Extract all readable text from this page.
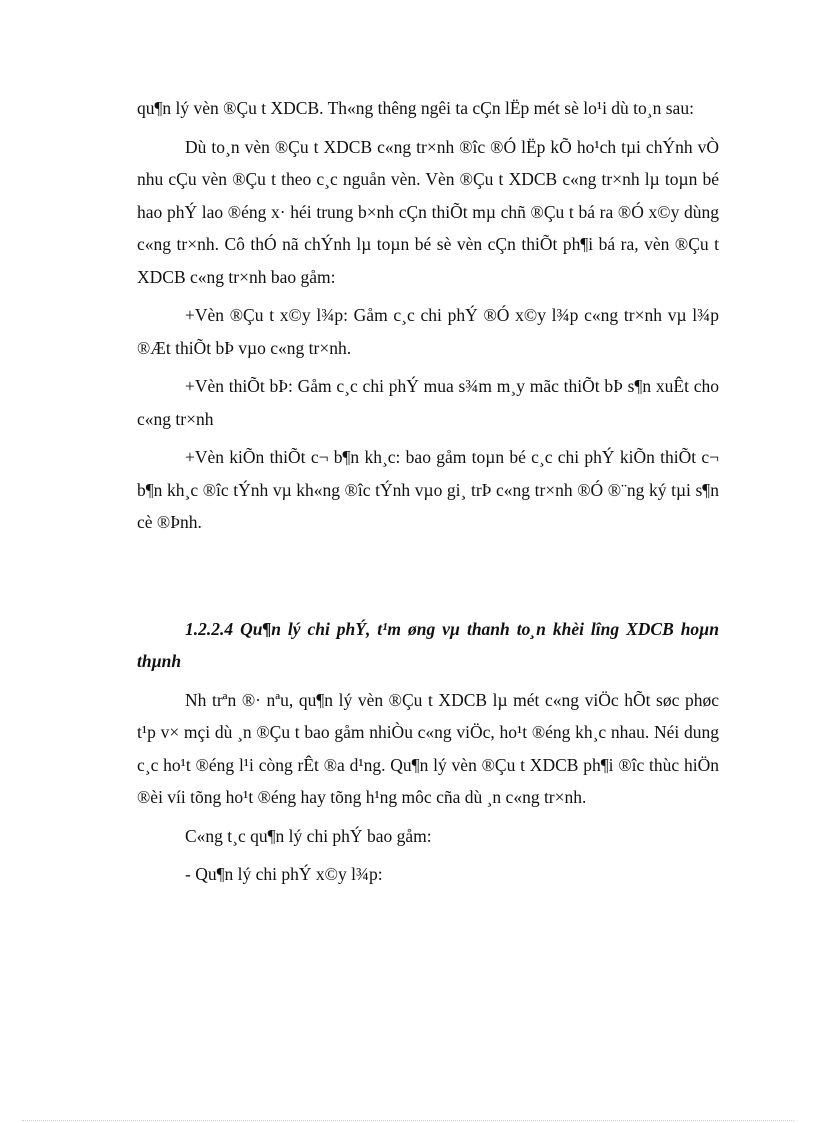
qu¶n lý vèn ®Çu t XDCB. Th«ng thêng ngêi ta cÇn lËp mét sè lo¹i dù to¸n sau:

Dù to¸n vèn ®Çu t XDCB c«ng tr×nh ®îc ®Ó lËp kÕ ho¹ch tµi chÝnh vÒ nhu cÇu vèn ®Çu t theo c¸c nguån vèn. Vèn ®Çu t XDCB c«ng tr×nh lµ toµn bé hao phÝ lao ®éng x· héi trung b×nh cÇn thiÕt mµ chñ ®Çu t bá ra ®Ó x©y dùng c«ng tr×nh. Cô thÓ nã chÝnh lµ toµn bé sè vèn cÇn thiÕt ph¶i bá ra, vèn ®Çu t XDCB c«ng tr×nh bao gåm:

+Vèn ®Çu t x©y l¾p: Gåm c¸c chi phÝ ®Ó x©y l¾p c«ng tr×nh vµ l¾p ®Æt thiÕt bÞ vµo c«ng tr×nh.

+Vèn thiÕt bÞ: Gåm c¸c chi phÝ mua s¾m m¸y mãc thiÕt bÞ s¶n xuÊt cho c«ng tr×nh

+Vèn kiÕn thiÕt c¬ b¶n kh¸c: bao gåm toµn bé c¸c chi phÝ kiÕn thiÕt c¬ b¶n kh¸c ®îc tÝnh vµ kh«ng ®îc tÝnh vµo gi¸ trÞ c«ng tr×nh ®Ó ®¨ng ký tµi s¶n cè ®Þnh.

1.2.2.4 Qu¶n lý chi phÝ, t¹m øng vµ thanh to¸n khèi lîng XDCB hoµn thµnh

Nh trªn ®· nªu, qu¶n lý vèn ®Çu t XDCB lµ mét c«ng viÖc hÕt søc phøc t¹p v× mçi dù ¸n ®Çu t bao gåm nhiÒu c«ng viÖc, ho¹t ®éng kh¸c nhau. Néi dung c¸c ho¹t ®éng l¹i còng rÊt ®a d¹ng. Qu¶n lý vèn ®Çu t XDCB ph¶i ®îc thùc hiÖn ®èi víi tõng ho¹t ®éng hay tõng h¹ng môc cña dù ¸n c«ng tr×nh.

C«ng t¸c qu¶n lý chi phÝ bao gåm:

- Qu¶n lý chi phÝ x©y l¾p:
